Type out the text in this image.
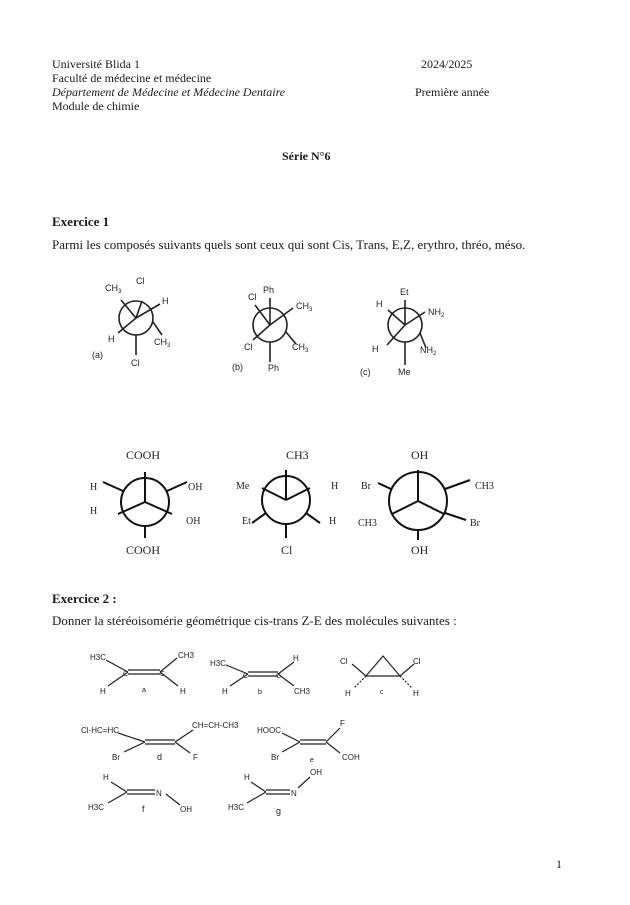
Université Blida 1	2024/2025
Faculté de médecine et médecine
Département de Médecine et Médecine Dentaire	Première année
Module de chimie
Série N°6
Exercice 1
Parmi les composés suivants quels sont ceux qui sont Cis, Trans, E,Z, erythro, thréo, méso.
$CH_3$
Cl
H
H	$CH_3$
Cl
(a)
Ph
Cl
$CH_3$
Cl	$CH_3$
Ph
(b)
Et
H
$NH_2$
H	$NH_2$
Me
(c)
COOH
COOH
H
H
OH
OH
CH3
Cl
Me
Et
H
H
OH
OH
Br
CH3
CH3
Br
H3C	CH3
H	H
C	C
a
H3C
H
H	CH3
C	C
b
Cl	Cl
H	H
c
Cl-HC=HC
CH=CH-CH3
Br	F
d
HOOC
F
Br	COH
e
H
H3C
N
OH
f
H
H3C
N
OH
g
Exercice 2 :
Donner la stéréoisomérie géométrique cis-trans Z-E des molécules suivantes :
1
